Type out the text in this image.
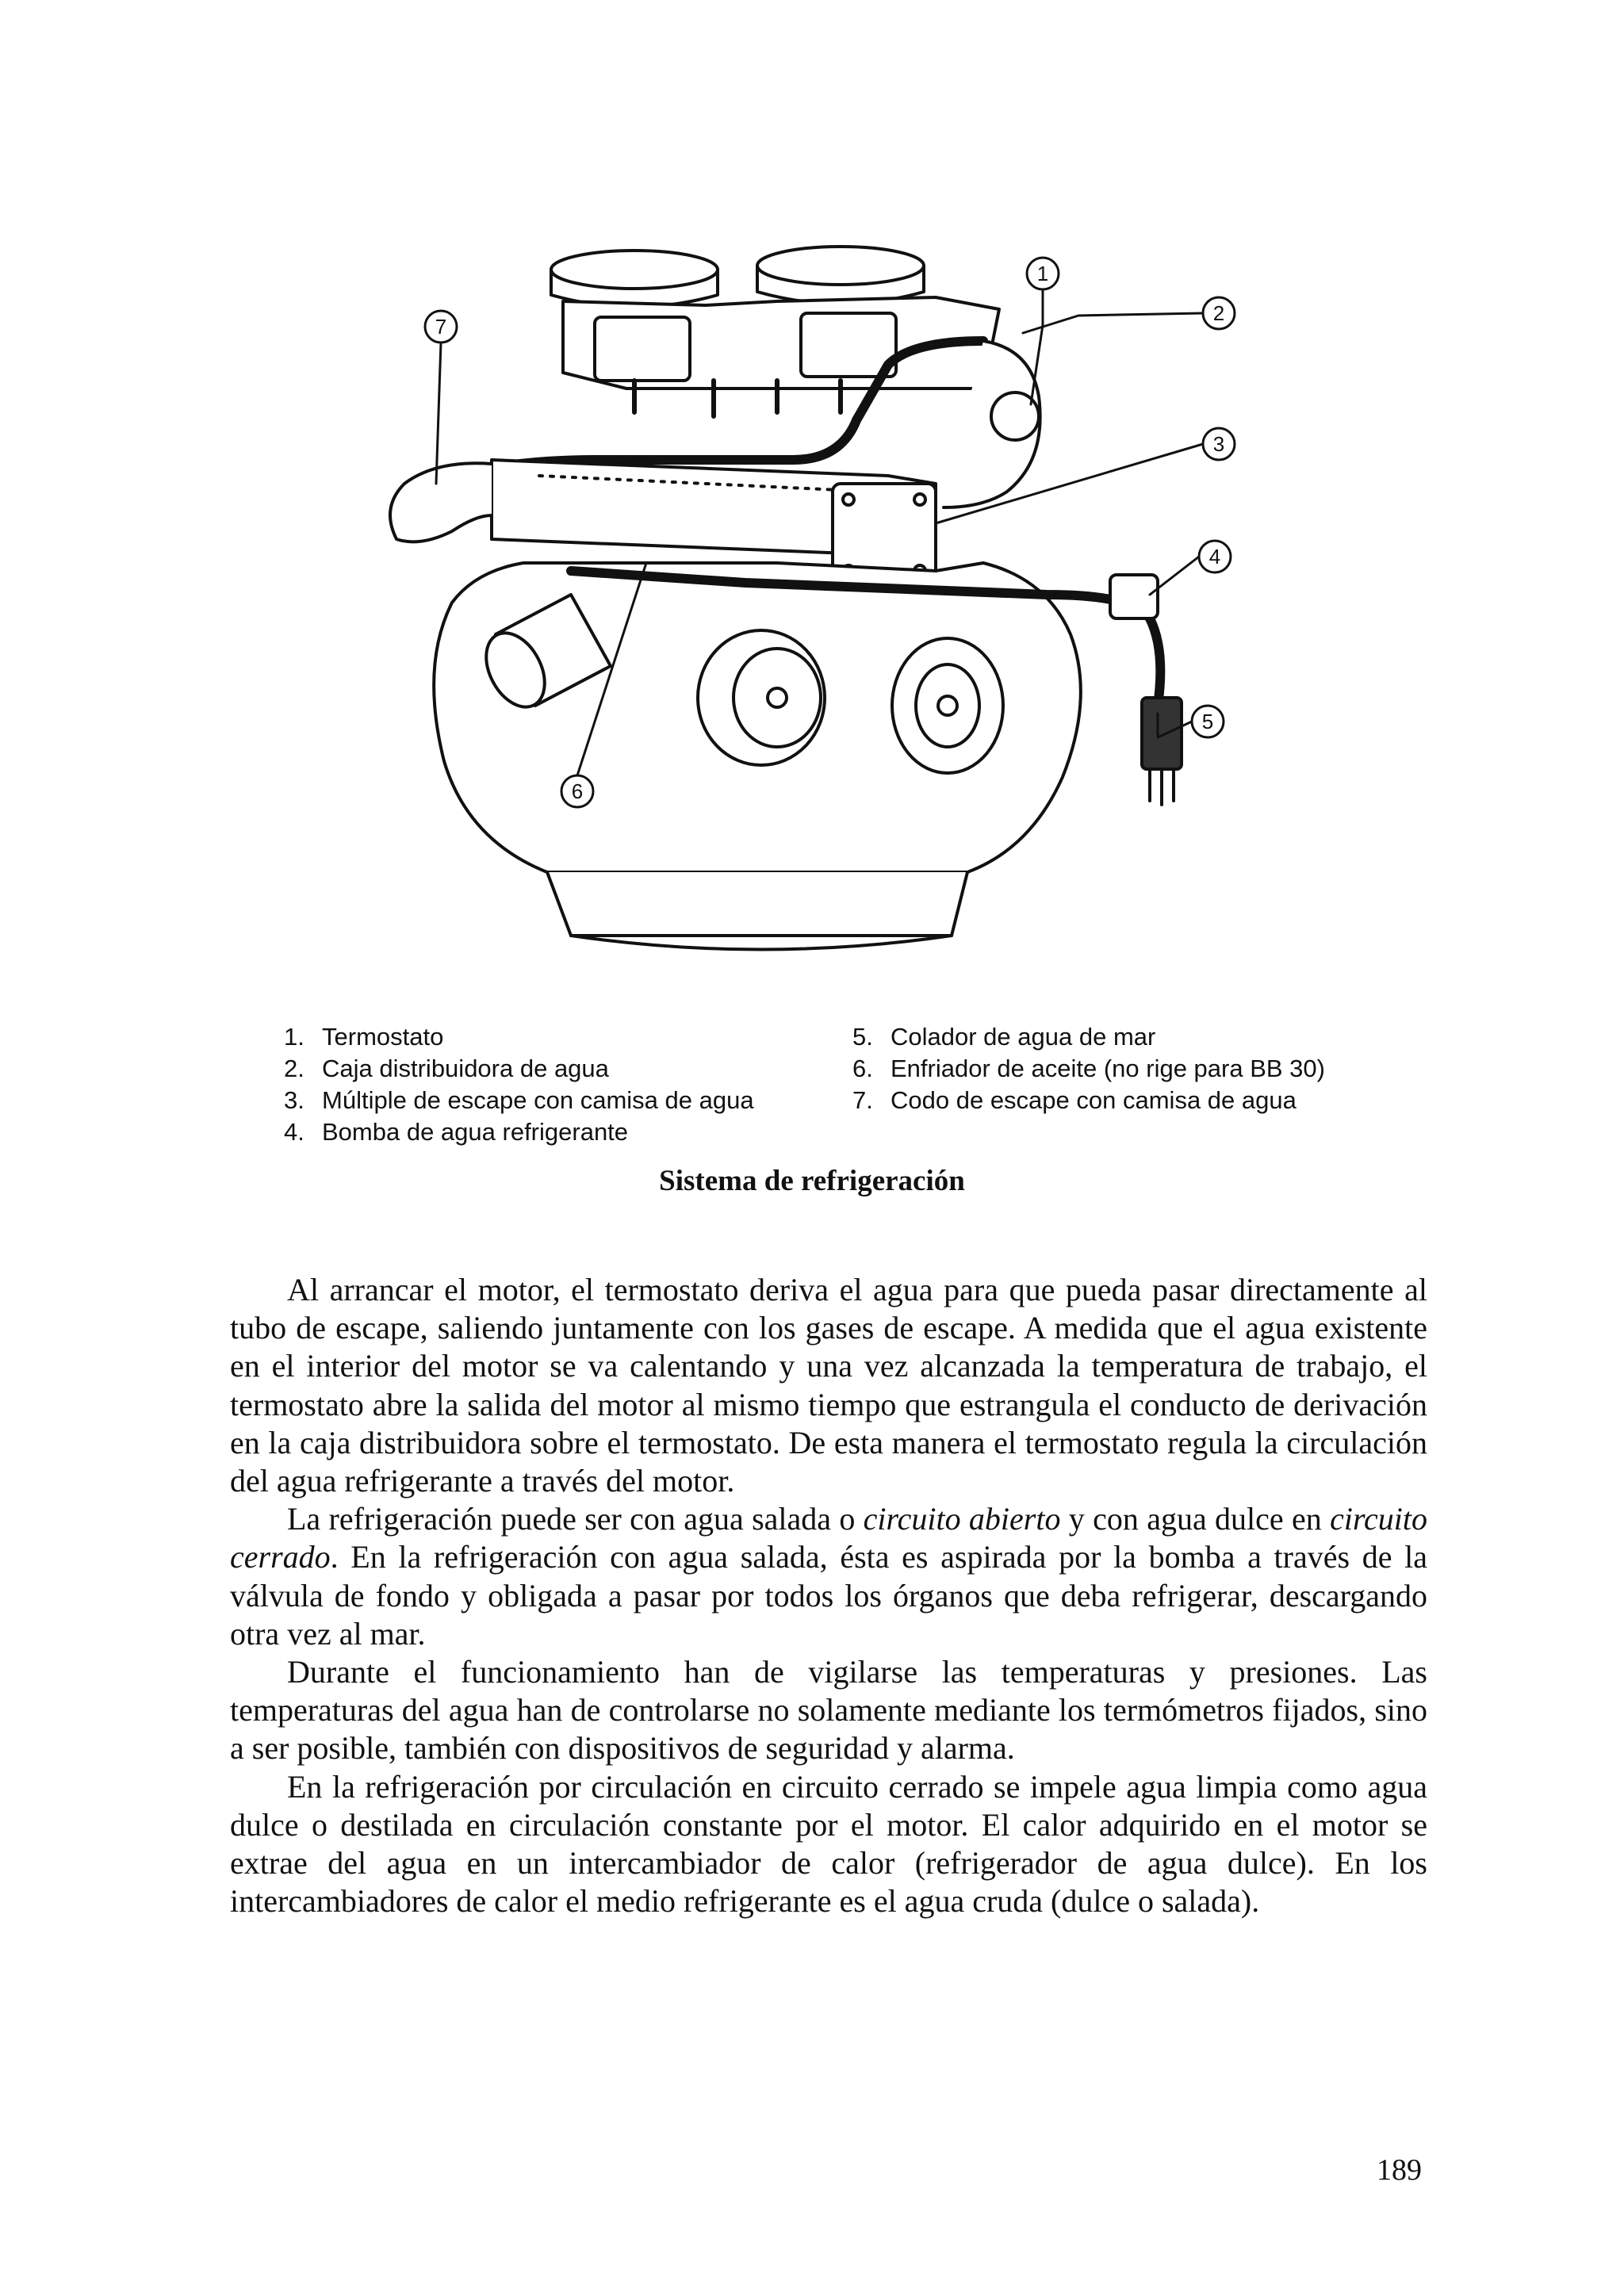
1
2
3
4
5
6
7
1. Termostato
2. Caja distribuidora de agua
3. Múltiple de escape con camisa de agua
4. Bomba de agua refrigerante
5. Colador de agua de mar
6. Enfriador de aceite (no rige para BB 30)
7. Codo de escape con camisa de agua
Sistema de refrigeración

Al arrancar el motor, el termostato deriva el agua para que pueda pasar directamente al tubo de escape, saliendo juntamente con los gases de escape. A medida que el agua existente en el interior del motor se va calentando y una vez alcanzada la temperatura de trabajo, el termostato abre la salida del motor al mismo tiempo que estrangula el conducto de derivación en la caja distribuidora sobre el termostato. De esta manera el termostato regula la circulación del agua refrigerante a través del motor.

La refrigeración puede ser con agua salada o circuito abierto y con agua dulce en circuito cerrado. En la refrigeración con agua salada, ésta es aspirada por la bomba a través de la válvula de fondo y obligada a pasar por todos los órganos que deba refrigerar, descargando otra vez al mar.

Durante el funcionamiento han de vigilarse las temperaturas y presiones. Las temperaturas del agua han de controlarse no solamente mediante los termómetros fijados, sino a ser posible, también con dispositivos de seguridad y alarma.

En la refrigeración por circulación en circuito cerrado se impele agua limpia como agua dulce o destilada en circulación constante por el motor. El calor adquirido en el motor se extrae del agua en un intercambiador de calor (refrigerador de agua dulce). En los intercambiadores de calor el medio refrigerante es el agua cruda (dulce o salada).

189
